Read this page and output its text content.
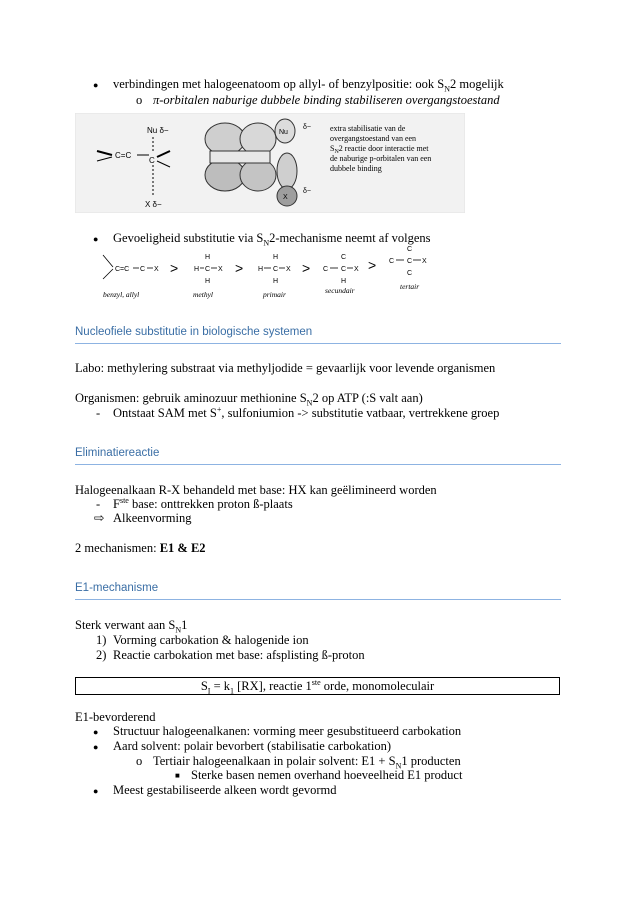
● verbindingen met halogeenatoom op allyl- of benzylpositie: ook $S_N2$ mogelijk
o π-orbitalen naburige dubbele binding stabiliseren overgangstoestand
Nu δ−
C=C
C
X δ−
Nu
X
δ−
δ−
extra stabilisatie van de
overgangstoestand van een
$S_N2$ reactie door interactie met
de naburige p-orbitalen van een
dubbele binding
● Gevoeligheid substitutie via $S_N2$-mechanisme neemt af volgens
C=C C X >
H
H C X
H
>
H
H C X
H
>
C
C C X
H
>
C
C C X
C
benzyl, allyl	methyl	primair	secundair	tertair
Nucleofiele substitutie in biologische systemen
Labo: methylering substraat via methyljodide = gevaarlijk voor levende organismen
Organismen: gebruik aminozuur methionine $S_N2$ op ATP (:S valt aan)
- Ontstaat SAM met S+, sulfoniumion -> substitutie vatbaar, vertrekkene groep
Eliminatiereactie
Halogeenalkaan R-X behandeld met base: HX kan geëlimineerd worden
- $F^{ste}$ base: onttrekken proton ß-plaats
⇨ Alkeenvorming
2 mechanismen: E1 & E2
E1-mechanisme
Sterk verwant aan $S_N1$
1) Vorming carbokation & halogenide ion
2) Reactie carbokation met base: afsplisting ß-proton
$S_I = k_1$ [RX], reactie 1ste orde, monomoleculair
E1-bevorderend
● Structuur halogeenalkanen: vorming meer gesubstitueerd carbokation
● Aard solvent: polair bevorbert (stabilisatie carbokation)
o Tertiair halogeenalkaan in polair solvent: $E1 + S_N1$ producten
■ Sterke basen nemen overhand hoeveelheid E1 product
● Meest gestabiliseerde alkeen wordt gevormd
